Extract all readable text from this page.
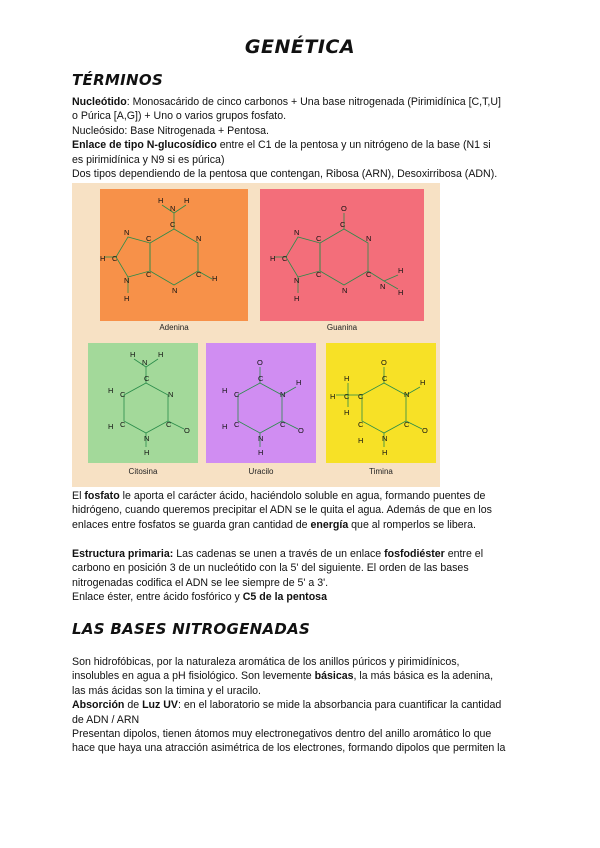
GENÉTICA
TÉRMINOS

Nucleótido: Monosacárido de cinco carbonos + Una base nitrogenada (Pirimidínica [C,T,U]

o Púrica [A,G]) + Uno o varios grupos fosfato.

Nucleósido: Base Nitrogenada + Pentosa.

Enlace de tipo N-glucosídico entre el C1 de la pentosa y un nitrógeno de la base (N1 si

es pirimidínica y N9 si es púrica)

Dos tipos dependiendo de la pentosa que contengan, Ribosa (ARN), Desoxirribosa (ADN).

N
H	H
N
C
N
C
C
C
N
C
N
H
H
H
Adenina
O
N
C
N
C
C
C
N
C
N
H
H
N
H
H
Guanina
N
H	H
N
C
O
N
H
C
C
C
H
H
Citosina
O
N
H
C
O
N
H
C
C
C
H
H
Uracilo
O
N
H
C
O
N
H
C
C
C
C
H
H
H
H
Timina

El fosfato le aporta el carácter ácido, haciéndolo soluble en agua, formando puentes de

hidrógeno, cuando queremos precipitar el ADN se le quita el agua. Además de que en los

enlaces entre fosfatos se guarda gran cantidad de energía que al romperlos se libera.

Estructura primaria: Las cadenas se unen a través de un enlace fosfodiéster entre el

carbono en posición 3 de un nucleótido con la 5' del siguiente. El orden de las bases

nitrogenadas codifica el ADN se lee siempre de 5' a 3'.

Enlace éster, entre ácido fosfórico y C5 de la pentosa

LAS BASES NITROGENADAS

Son hidrofóbicas, por la naturaleza aromática de los anillos púricos y pirimidínicos,

insolubles en agua a pH fisiológico. Son levemente básicas, la más básica es la adenina,

las más ácidas son la timina y el uracilo.

Absorción de Luz UV: en el laboratorio se mide la absorbancia para cuantificar la cantidad

de ADN / ARN

Presentan dipolos, tienen átomos muy electronegativos dentro del anillo aromático lo que

hace que haya una atracción asimétrica de los electrones, formando dipolos que permiten la
